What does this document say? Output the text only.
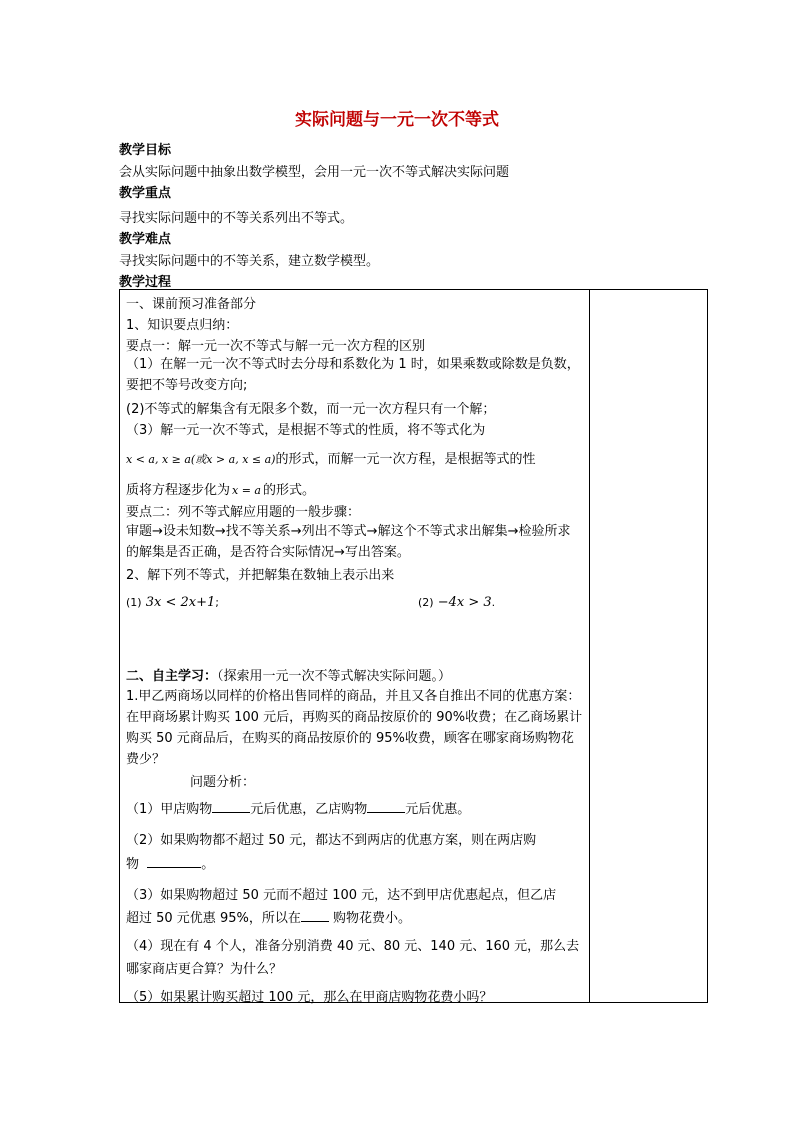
实际问题与一元一次不等式
教学目标
会从实际问题中抽象出数学模型，会用一元一次不等式解决实际问题
教学重点
寻找实际问题中的不等关系列出不等式。
教学难点
寻找实际问题中的不等关系，建立数学模型。
教学过程
一、课前预习准备部分
1、知识要点归纳：
要点一：解一元一次不等式与解一元一次方程的区别
（1）在解一元一次不等式时去分母和系数化为 1 时，如果乘数或除数是负数，要把不等号改变方向;
(2)不等式的解集含有无限多个数，而一元一次方程只有一个解；
（3）解一元一次不等式，是根据不等式的性质，将不等式化为
x < a, x ≥ a(或x > a, x ≤ a)的形式，而解一元一次方程，是根据等式的性
质将方程逐步化为 x = a 的形式。
要点二：列不等式解应用题的一般步骤：
审题→设未知数→找不等关系→列出不等式→解这个不等式求出解集→检验所求的解集是否正确，是否符合实际情况→写出答案。
2、解下列不等式，并把解集在数轴上表示出来
(1) 3x < 2x+1;	(2) −4x > 3.
二、自主学习：（探索用一元一次不等式解决实际问题。）
1.甲乙两商场以同样的价格出售同样的商品，并且又各自推出不同的优惠方案：在甲商场累计购买 100 元后，再购买的商品按原价的 90%收费；在乙商场累计购买 50 元商品后，在购买的商品按原价的 95%收费，顾客在哪家商场购物花费少？
问题分析：
（1）甲店购物	元后优惠，乙店购物	元后优惠。
（2）如果购物都不超过 50 元，都达不到两店的优惠方案，则在两店购
物	。
（3）如果购物超过 50 元而不超过 100 元，达不到甲店优惠起点，但乙店
超过 50 元优惠 95%，所以在 购物花费小。
（4）现在有 4 个人，准备分别消费 40 元、80 元、140 元、160 元，那么去
哪家商店更合算？为什么？
（5）如果累计购买超过 100 元，那么在甲商店购物花费小吗？
